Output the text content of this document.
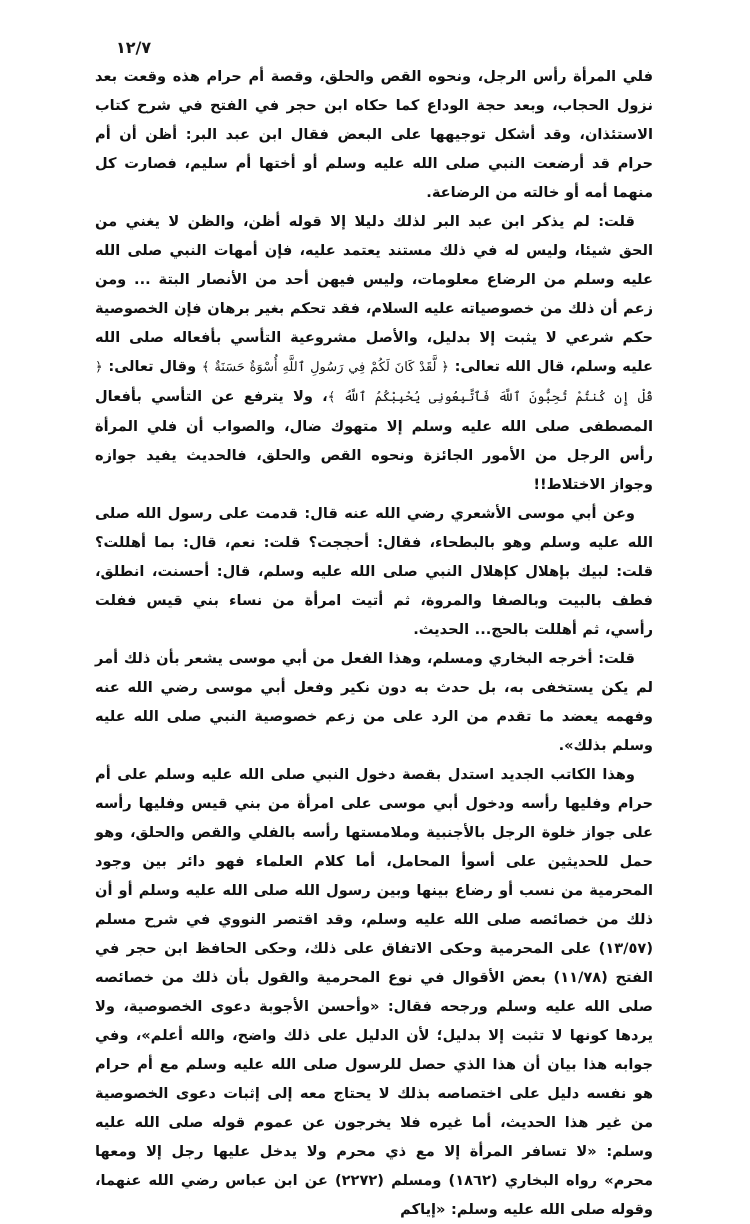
١٢/٧

فلي المرأة رأس الرجل، ونحوه القص والحلق، وقصة أم حرام هذه وقعت بعد نزول الحجاب، وبعد حجة الوداع كما حكاه ابن حجر في الفتح في شرح كتاب الاستئذان، وقد أشكل توجيهها على البعض فقال ابن عبد البر: أظن أن أم حرام قد أرضعت النبي صلى الله عليه وسلم أو أختها أم سليم، فصارت كل منهما أمه أو خالته من الرضاعة.

قلت: لم يذكر ابن عبد البر لذلك دليلا إلا قوله أظن، والظن لا يغني من الحق شيئا، وليس له في ذلك مستند يعتمد عليه، فإن أمهات النبي صلى الله عليه وسلم من الرضاع معلومات، وليس فيهن أحد من الأنصار البتة ... ومن زعم أن ذلك من خصوصياته عليه السلام، فقد تحكم بغير برهان فإن الخصوصية حكم شرعي لا يثبت إلا بدليل، والأصل مشروعية التأسي بأفعاله صلى الله عليه وسلم، قال الله تعالى: ﴿ لَّقَدْ كَانَ لَكُمْ فِي رَسُولِ ٱللَّهِ أُسْوَةٌ حَسَنَةٌ ﴾ وقال تعالى: ﴿ قُلْ إِن كُنتُمْ تُحِبُّونَ ٱللَّهَ فَٱتَّبِعُونِى يُحْبِبْكُمُ ٱللَّهُ ﴾، ولا يترفع عن التأسي بأفعال المصطفى صلى الله عليه وسلم إلا متهوك ضال، والصواب أن فلي المرأة رأس الرجل من الأمور الجائزة ونحوه القص والحلق، فالحديث يفيد جوازه وجواز الاختلاط!!

وعن أبي موسى الأشعري رضي الله عنه قال: قدمت على رسول الله صلى الله عليه وسلم وهو بالبطحاء، فقال: أحججت؟ قلت: نعم، قال: بما أهللت؟ قلت: لبيك بإهلال كإهلال النبي صلى الله عليه وسلم، قال: أحسنت، انطلق، فطف بالبيت وبالصفا والمروة، ثم أتيت امرأة من نساء بني قيس ففلت رأسي، ثم أهللت بالحج... الحديث.

قلت: أخرجه البخاري ومسلم، وهذا الفعل من أبي موسى يشعر بأن ذلك أمر لم يكن يستخفى به، بل حدث به دون نكير وفعل أبي موسى رضي الله عنه وفهمه يعضد ما تقدم من الرد على من زعم خصوصية النبي صلى الله عليه وسلم بذلك».

وهذا الكاتب الجديد استدل بقصة دخول النبي صلى الله عليه وسلم على أم حرام وفليها رأسه ودخول أبي موسى على امرأة من بني قيس وفليها رأسه على جواز خلوة الرجل بالأجنبية وملامستها رأسه بالفلي والقص والحلق، وهو حمل للحديثين على أسوأ المحامل، أما كلام العلماء فهو دائر بين وجود المحرمية من نسب أو رضاع بينها وبين رسول الله صلى الله عليه وسلم أو أن ذلك من خصائصه صلى الله عليه وسلم، وقد اقتصر النووي في شرح مسلم (١٣/٥٧) على المحرمية وحكى الاتفاق على ذلك، وحكى الحافظ ابن حجر في الفتح (١١/٧٨) بعض الأقوال في نوع المحرمية والقول بأن ذلك من خصائصه صلى الله عليه وسلم ورجحه فقال: «وأحسن الأجوبة دعوى الخصوصية، ولا يردها كونها لا تثبت إلا بدليل؛ لأن الدليل على ذلك واضح، والله أعلم»، وفي جوابه هذا بيان أن هذا الذي حصل للرسول صلى الله عليه وسلم مع أم حرام هو نفسه دليل على اختصاصه بذلك لا يحتاج معه إلى إثبات دعوى الخصوصية من غير هذا الحديث، أما غيره فلا يخرجون عن عموم قوله صلى الله عليه وسلم: «لا تسافر المرأة إلا مع ذي محرم ولا يدخل عليها رجل إلا ومعها محرم» رواه البخاري (١٨٦٢) ومسلم (٢٢٧٢) عن ابن عباس رضي الله عنهما، وقوله صلى الله عليه وسلم: «إياكم
